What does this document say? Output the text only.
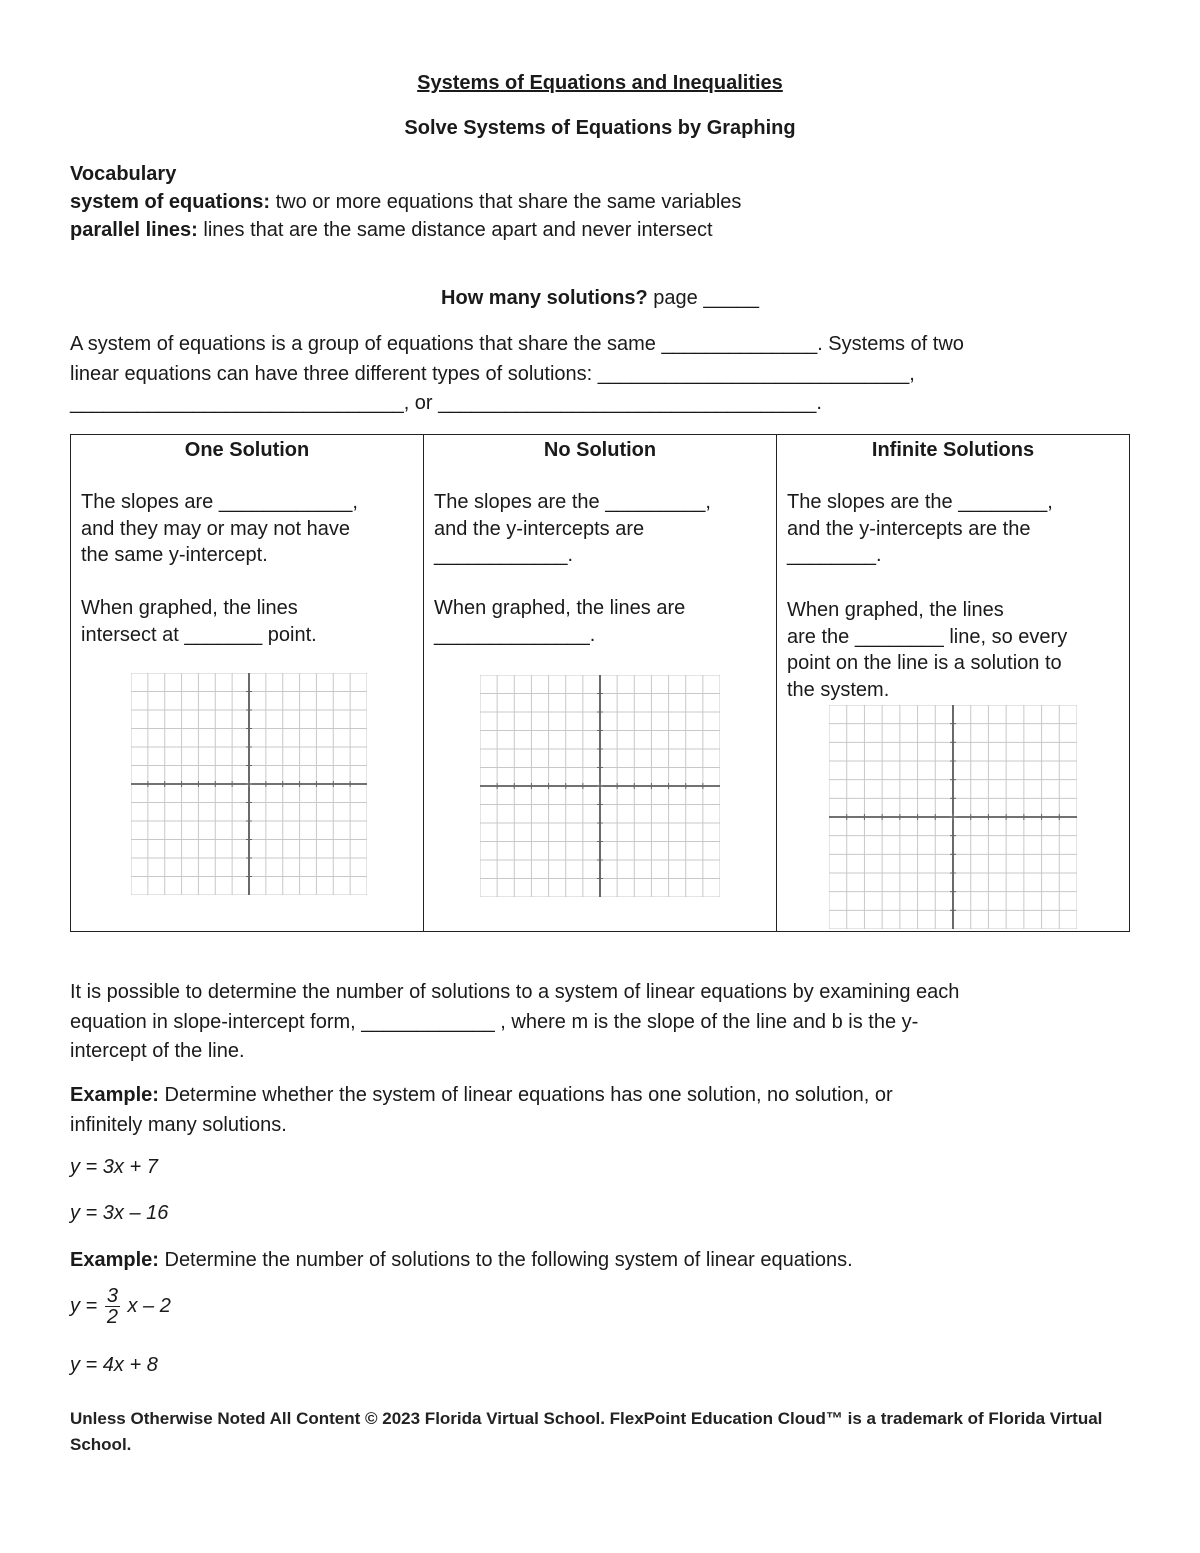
Systems of Equations and Inequalities
Solve Systems of Equations by Graphing
Vocabulary
system of equations: two or more equations that share the same variables
parallel lines: lines that are the same distance apart and never intersect
How many solutions? page _____
A system of equations is a group of equations that share the same ______________. Systems of two
linear equations can have three different types of solutions: ____________________________,
______________________________, or __________________________________.
One Solution
The slopes are ____________,
and they may or may not have
the same y-intercept.
When graphed, the lines
intersect at _______ point.

No Solution
The slopes are the _________,
and the y-intercepts are
____________.
When graphed, the lines are
______________.

Infinite Solutions
The slopes are the ________,
and the y-intercepts are the
________.
When graphed, the lines
are the ________ line, so every
point on the line is a solution to
the system.
It is possible to determine the number of solutions to a system of linear equations by examining each
equation in slope-intercept form, ____________ , where m is the slope of the line and b is the y-
intercept of the line.
Example: Determine whether the system of linear equations has one solution, no solution, or
infinitely many solutions.
y = 3x + 7
y = 3x – 16
Example: Determine the number of solutions to the following system of linear equations.
$y = \frac{3}{2}$ x – 2
y = 4x + 8
Unless Otherwise Noted All Content © 2023 Florida Virtual School. FlexPoint Education Cloud™ is a trademark of Florida Virtual School.
